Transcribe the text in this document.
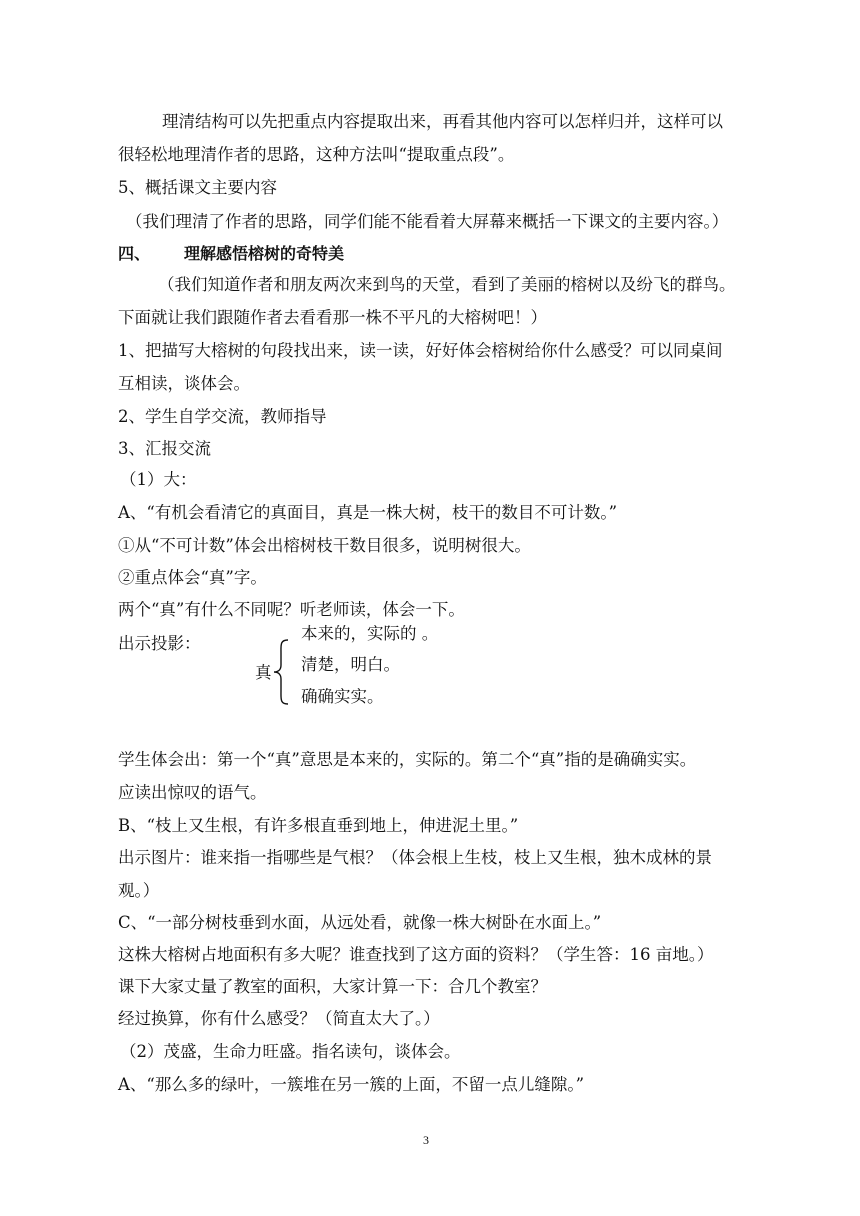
理清结构可以先把重点内容提取出来，再看其他内容可以怎样归并，这样可以
很轻松地理清作者的思路，这种方法叫“提取重点段”。
5、概括课文主要内容
（我们理清了作者的思路，同学们能不能看着大屏幕来概括一下课文的主要内容。）
四、 理解感悟榕树的奇特美
（我们知道作者和朋友两次来到鸟的天堂，看到了美丽的榕树以及纷飞的群鸟。
下面就让我们跟随作者去看看那一株不平凡的大榕树吧！）
1、把描写大榕树的句段找出来，读一读，好好体会榕树给你什么感受？可以同桌间
互相读，谈体会。
2、学生自学交流，教师指导
3、汇报交流
（1）大：
A、“有机会看清它的真面目，真是一株大树，枝干的数目不可计数。”
①从“不可计数”体会出榕树枝干数目很多，说明树很大。
②重点体会“真”字。
两个“真”有什么不同呢？听老师读，体会一下。
出示投影：
真
本来的，实际的 。
清楚，明白。
确确实实。
学生体会出：第一个“真”意思是本来的，实际的。第二个“真”指的是确确实实。
应读出惊叹的语气。
B、“枝上又生根，有许多根直垂到地上，伸进泥土里。”
出示图片：谁来指一指哪些是气根？（体会根上生枝，枝上又生根，独木成林的景
观。）
C、“一部分树枝垂到水面，从远处看，就像一株大树卧在水面上。”
这株大榕树占地面积有多大呢？谁查找到了这方面的资料？（学生答：16 亩地。）
课下大家丈量了教室的面积，大家计算一下：合几个教室？
经过换算，你有什么感受？（简直太大了。）
（2）茂盛，生命力旺盛。指名读句，谈体会。
A、“那么多的绿叶，一簇堆在另一簇的上面，不留一点儿缝隙。”
3
